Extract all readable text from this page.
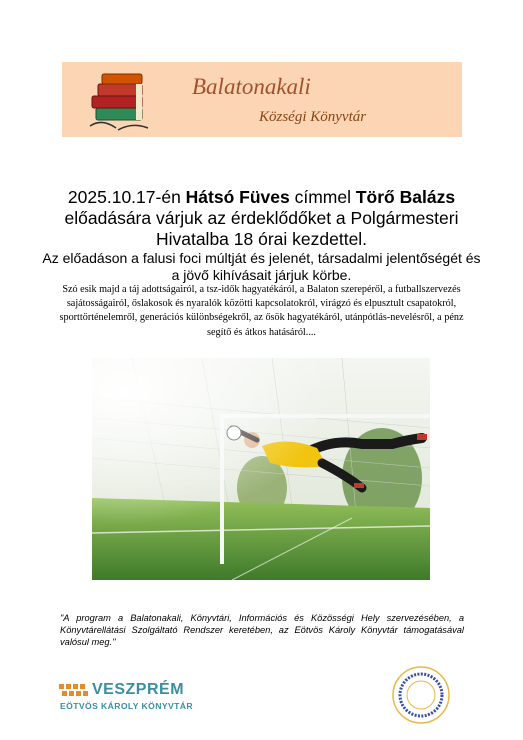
Balatonakali
Községi Könyvtár
2025.10.17-én Hátsó Füves címmel Törő Balázs előadására várjuk az érdeklődőket a Polgármesteri Hivatalba 18 órai kezdettel.
Az előadáson a falusi foci múltját és jelenét, társadalmi jelentőségét és a jövő kihívásait járjuk körbe.
Szó esik majd a táj adottságairól, a tsz-idők hagyatékáról, a Balaton szerepéről, a futballszervezés sajátosságairól, őslakosok és nyaralók közötti kapcsolatokról, virágzó és elpusztult csapatokról, sporttörténelemről, generációs különbségekről, az ősök hagyatékáról, utánpótlás-nevelésről, a pénz segítő és átkos hatásáról....
"A program a Balatonakali, Könyvtári, Információs és Közösségi Hely szervezésében, a Könyvtárellátási Szolgáltató Rendszer keretében, az Eötvös Károly Könyvtár támogatásával valósul meg."
VESZPRÉM
EÖTVÖS KÁROLY KÖNYVTÁR
